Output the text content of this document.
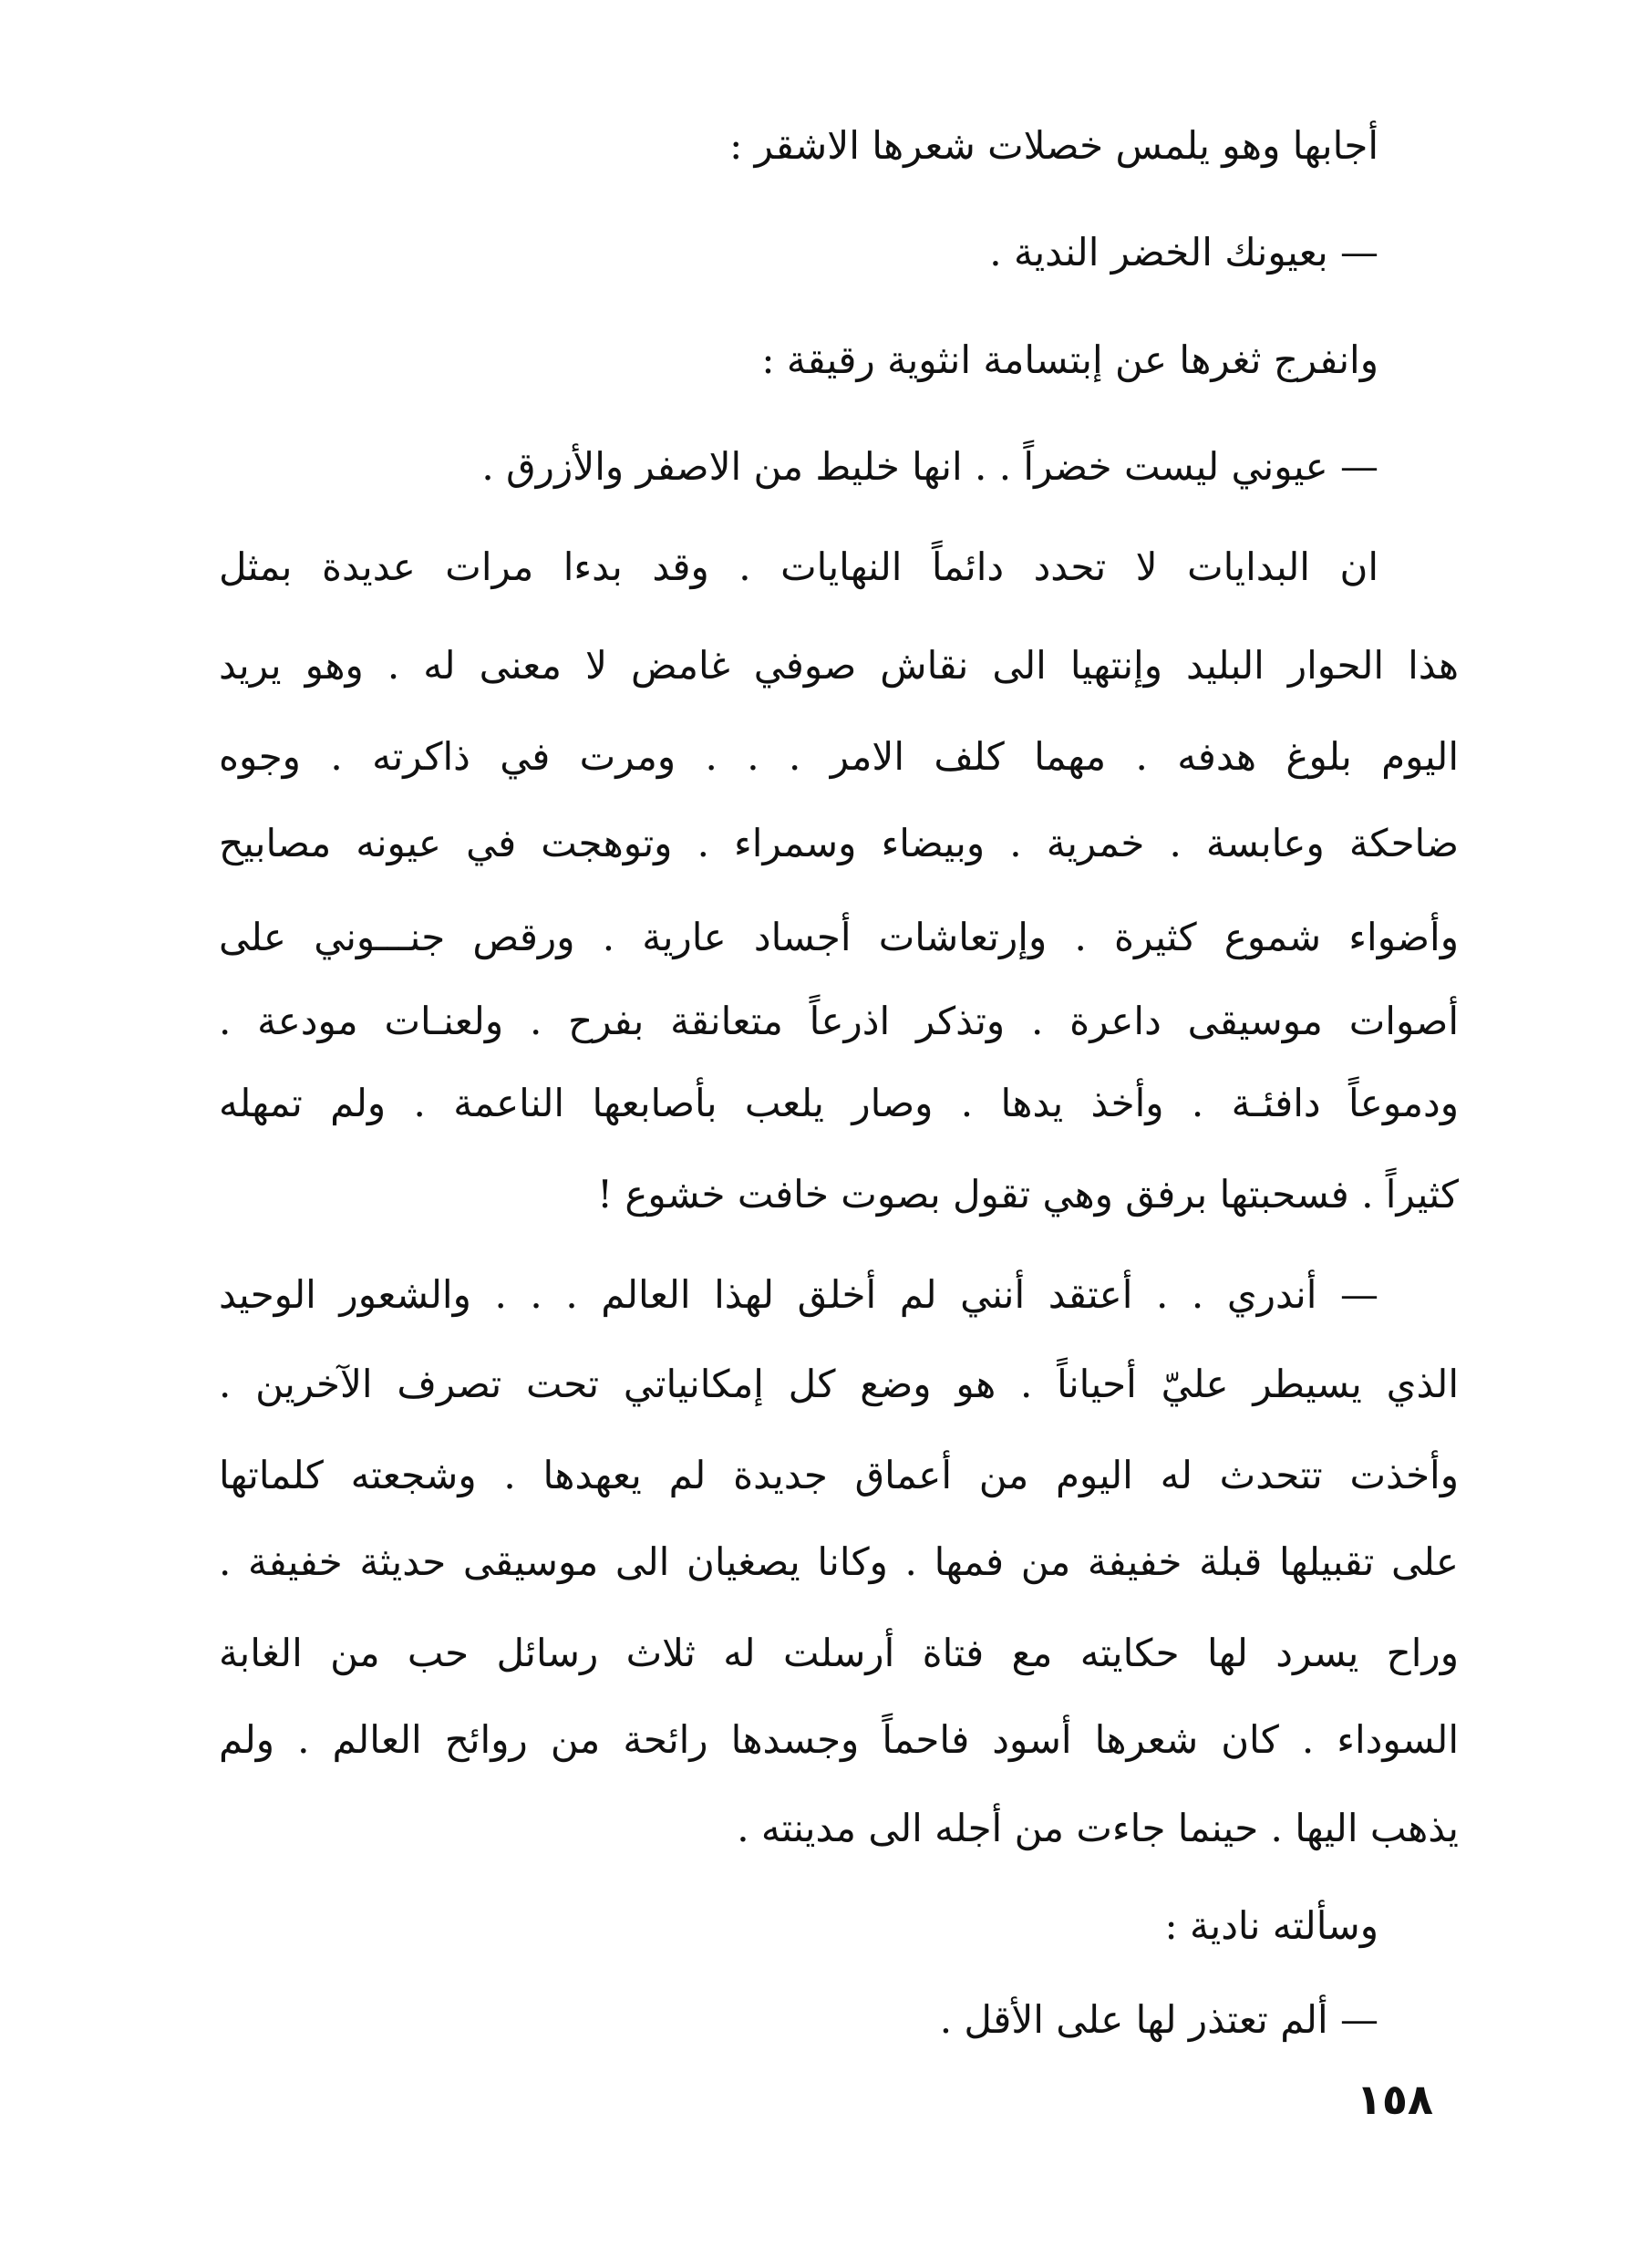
أجابها وهو يلمس خصلات شعرها الاشقر :
— بعيونك الخضر الندية .
وانفرج ثغرها عن إبتسامة انثوية رقيقة :
— عيوني ليست خضراً . . انها خليط من الاصفر والأزرق .
ان البدايات لا تحدد دائماً النهايات . وقد بدءا مرات عديدة بمثل
هذا الحوار البليد وإنتهيا الى نقاش صوفي غامض لا معنى له . وهو يريد
اليوم بلوغ هدفه . مهما كلف الامر . . . ومرت في ذاكرته . وجوه
ضاحكة وعابسة . خمرية . وبيضاء وسمراء . وتوهجت في عيونه مصابيح
وأضواء شموع كثيرة . وإرتعاشات أجساد عارية . ورقص جنـــوني على
أصوات موسيقى داعرة . وتذكر اذرعاً متعانقة بفرح . ولعنـات مودعة .
ودموعاً دافئـة . وأخذ يدها . وصار يلعب بأصابعها الناعمة . ولم تمهله
كثيراً . فسحبتها برفق وهي تقول بصوت خافت خشوع !
— أندري . . أعتقد أنني لم أخلق لهذا العالم . . . والشعور الوحيد
الذي يسيطر عليّ أحياناً . هو وضع كل إمكانياتي تحت تصرف الآخرين .
وأخذت تتحدث له اليوم من أعماق جديدة لم يعهدها . وشجعته كلماتها
على تقبيلها قبلة خفيفة من فمها . وكانا يصغيان الى موسيقى حديثة خفيفة .
وراح يسرد لها حكايته مع فتاة أرسلت له ثلاث رسائل حب من الغابة
السوداء . كان شعرها أسود فاحماً وجسدها رائحة من روائح العالم . ولم
يذهب اليها . حينما جاءت من أجله الى مدينته .
وسألته نادية :
— ألم تعتذر لها على الأقل .
١٥٨
